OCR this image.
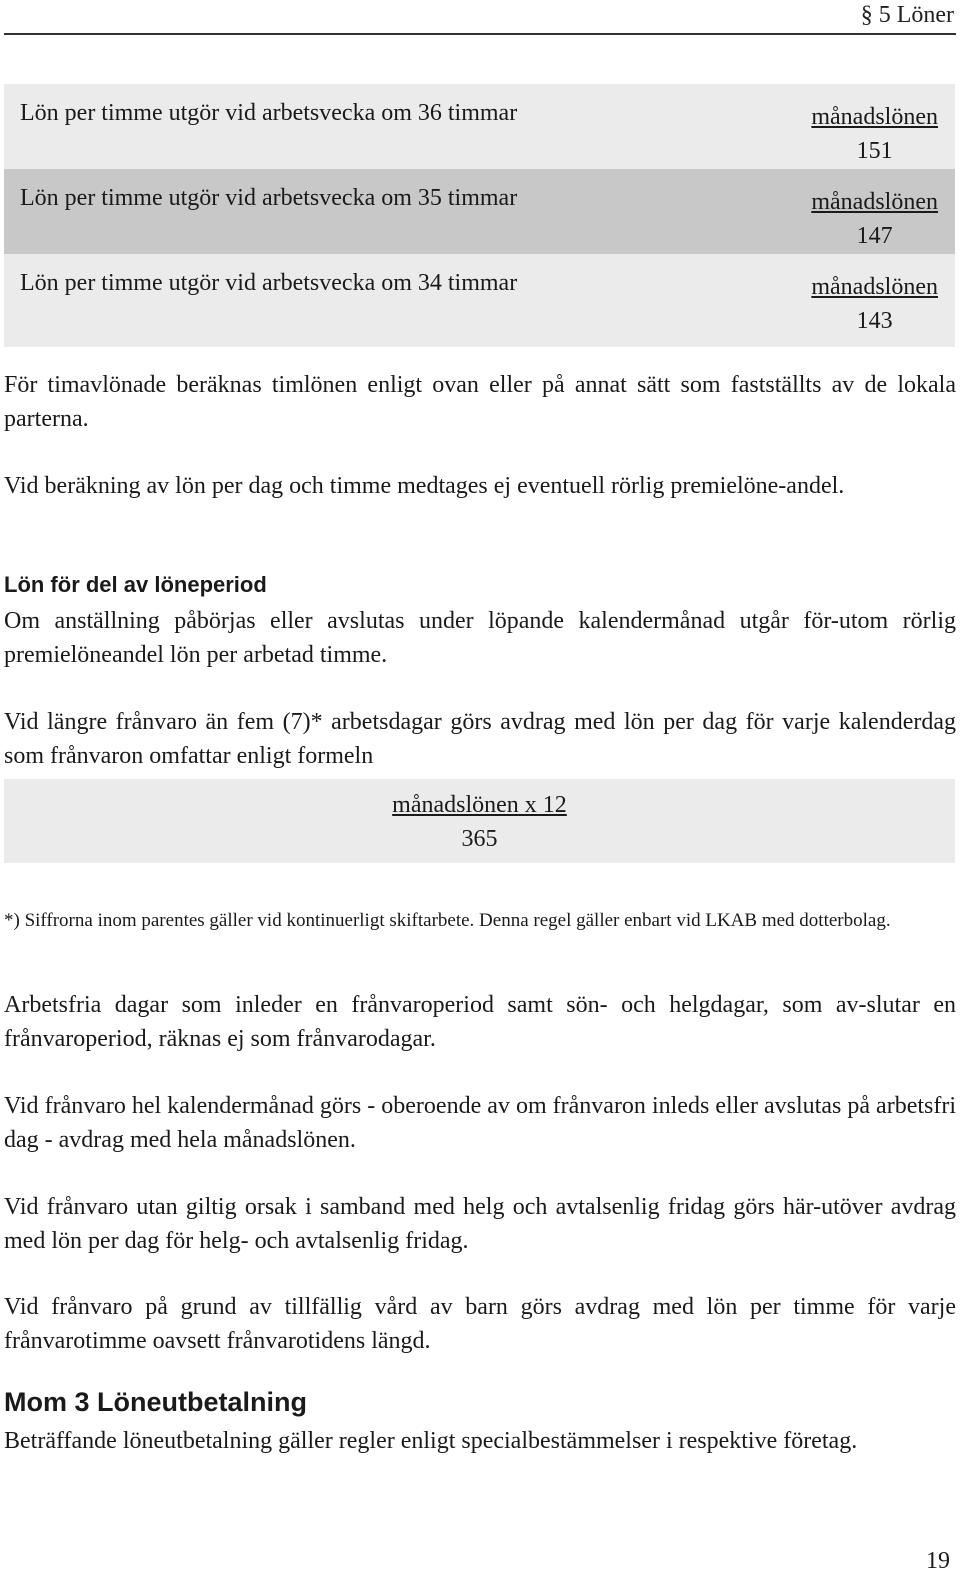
§ 5 Löner
Lön per timme utgör vid arbetsvecka om 36 timmar	månadslönen
151
Lön per timme utgör vid arbetsvecka om 35 timmar	månadslönen
147
Lön per timme utgör vid arbetsvecka om 34 timmar	månadslönen
143

För timavlönade beräknas timlönen enligt ovan eller på annat sätt som fastställts av de lokala parterna.

Vid beräkning av lön per dag och timme medtages ej eventuell rörlig premielöne-andel.

Lön för del av löneperiod

Om anställning påbörjas eller avslutas under löpande kalendermånad utgår för-utom rörlig premielöneandel lön per arbetad timme.

Vid längre frånvaro än fem (7)* arbetsdagar görs avdrag med lön per dag för varje kalenderdag som frånvaron omfattar enligt formeln

månadslönen x 12
365

*) Siffrorna inom parentes gäller vid kontinuerligt skiftarbete. Denna regel gäller enbart vid LKAB med dotterbolag.

Arbetsfria dagar som inleder en frånvaroperiod samt sön- och helgdagar, som av-slutar en frånvaroperiod, räknas ej som frånvarodagar.

Vid frånvaro hel kalendermånad görs - oberoende av om frånvaron inleds eller avslutas på arbetsfri dag - avdrag med hela månadslönen.

Vid frånvaro utan giltig orsak i samband med helg och avtalsenlig fridag görs här-utöver avdrag med lön per dag för helg- och avtalsenlig fridag.

Vid frånvaro på grund av tillfällig vård av barn görs avdrag med lön per timme för varje frånvarotimme oavsett frånvarotidens längd.

Mom 3 Löneutbetalning

Beträffande löneutbetalning gäller regler enligt specialbestämmelser i respektive företag.

19
